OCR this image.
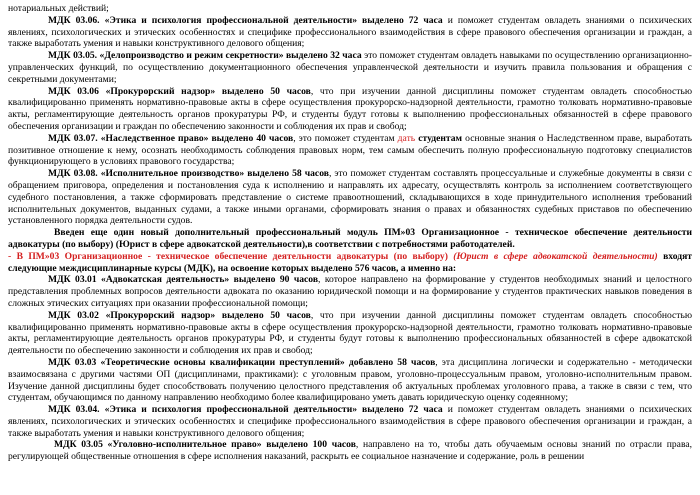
нотариальных действий;

МДК 03.06. «Этика и психология профессиональной деятельности» выделено 72 часа и поможет студентам овладеть знаниями о психических явлениях, психологических и этических особенностях и специфике профессионального взаимодействия в сфере правового обеспечения организации и граждан, а также выработать умения и навыки конструктивного делового общения;

МДК 03.05. «Делопроизводство и режим секретности» выделено 32 часа это поможет студентам овладеть навыками по осуществлению организационно-управленческих функций, по осуществлению документационного обеспечения управленческой деятельности и изучить правила пользования и обращения с секретными документами;

МДК 03.06 «Прокурорский надзор» выделено 50 часов, что при изучении данной дисциплины поможет студентам овладеть способностью квалифицированно применять нормативно-правовые акты в сфере осуществления прокурорско-надзорной деятельности, грамотно толковать нормативно-правовые акты, регламентирующие деятельность органов прокуратуры РФ, и студенты будут готовы к выполнению профессиональных обязанностей в сфере правового обеспечения организации и граждан по обеспечению законности и соблюдения их прав и свобод;

МДК 03.07. «Наследственное право» выделено 40 часов, это поможет студентам дать студентам основные знания о Наследственном праве, выработать позитивное отношение к нему, осознать необходимость соблюдения правовых норм, тем самым обеспечить полную профессиональную подготовку специалистов функционирующего в условиях правового государства;

МДК 03.08. «Исполнительное производство» выделено 58 часов, это поможет студентам составлять процессуальные и служебные документы в связи с обращением приговора, определения и постановления суда к исполнению и направлять их адресату, осуществлять контроль за исполнением соответствующего судебного постановления, а также сформировать представление о системе правоотношений, складывающихся в ходе принудительного исполнения требований исполнительных документов, выданных судами, а также иными органами, сформировать знания о правах и обязанностях судебных приставов по обеспечению установленного порядка деятельности судов.

Введен еще один новый дополнительный профессиональный модуль ПМ»03 Организационное - техническое обеспечение деятельности адвокатуры (по выбору) (Юрист в сфере адвокатской деятельности),в соответствии с потребностями работодателей.

- В ПМ»03 Организационное - техническое обеспечение деятельности адвокатуры (по выбору) (Юрист в сфере адвокатской деятельности) входят следующие междисциплинарные курсы (МДК), на освоение которых выделено 576 часов, а именно на:

МДК 03.01 «Адвокатская деятельность» выделено 90 часов, которое направлено на формирование у студентов необходимых знаний и целостного представления проблемных вопросов деятельности адвоката по оказанию юридической помощи и на формирование у студентов практических навыков поведения в сложных этических ситуациях при оказании профессиональной помощи;

МДК 03.02 «Прокурорский надзор» выделено 50 часов, что при изучении данной дисциплины поможет студентам овладеть способностью квалифицированно применять нормативно-правовые акты в сфере осуществления прокурорско-надзорной деятельности, грамотно толковать нормативно-правовые акты, регламентирующие деятельность органов прокуратуры РФ, и студенты будут готовы к выполнению профессиональных обязанностей в сфере адвокатской деятельности по обеспечению законности и соблюдения их прав и свобод;

МДК 03.03 «Теоретические основы квалификации преступлений» добавлено 58 часов, эта дисциплина логически и содержательно - методически взаимосвязана с другими частями ОП (дисциплинами, практиками): с уголовным правом, уголовно-процессуальным правом, уголовно-исполнительным правом. Изучение данной дисциплины будет способствовать получению целостного представления об актуальных проблемах уголовного права, а также в связи с тем, что студентам, обучающимся по данному направлению необходимо более квалифицировано уметь давать юридическую оценку содеянному;

МДК 03.04. «Этика и психология профессиональной деятельности» выделено 72 часа и поможет студентам овладеть знаниями о психических явлениях, психологических и этических особенностях и специфике профессионального взаимодействия в сфере правового обеспечения организации и граждан, а также выработать умения и навыки конструктивного делового общения;

МДК 03.05 «Уголовно-исполнительное право» выделено 100 часов, направлено на то, чтобы дать обучаемым основы знаний по отрасли права, регулирующей общественные отношения в сфере исполнения наказаний, раскрыть ее социальное назначение и содержание, роль в решении
